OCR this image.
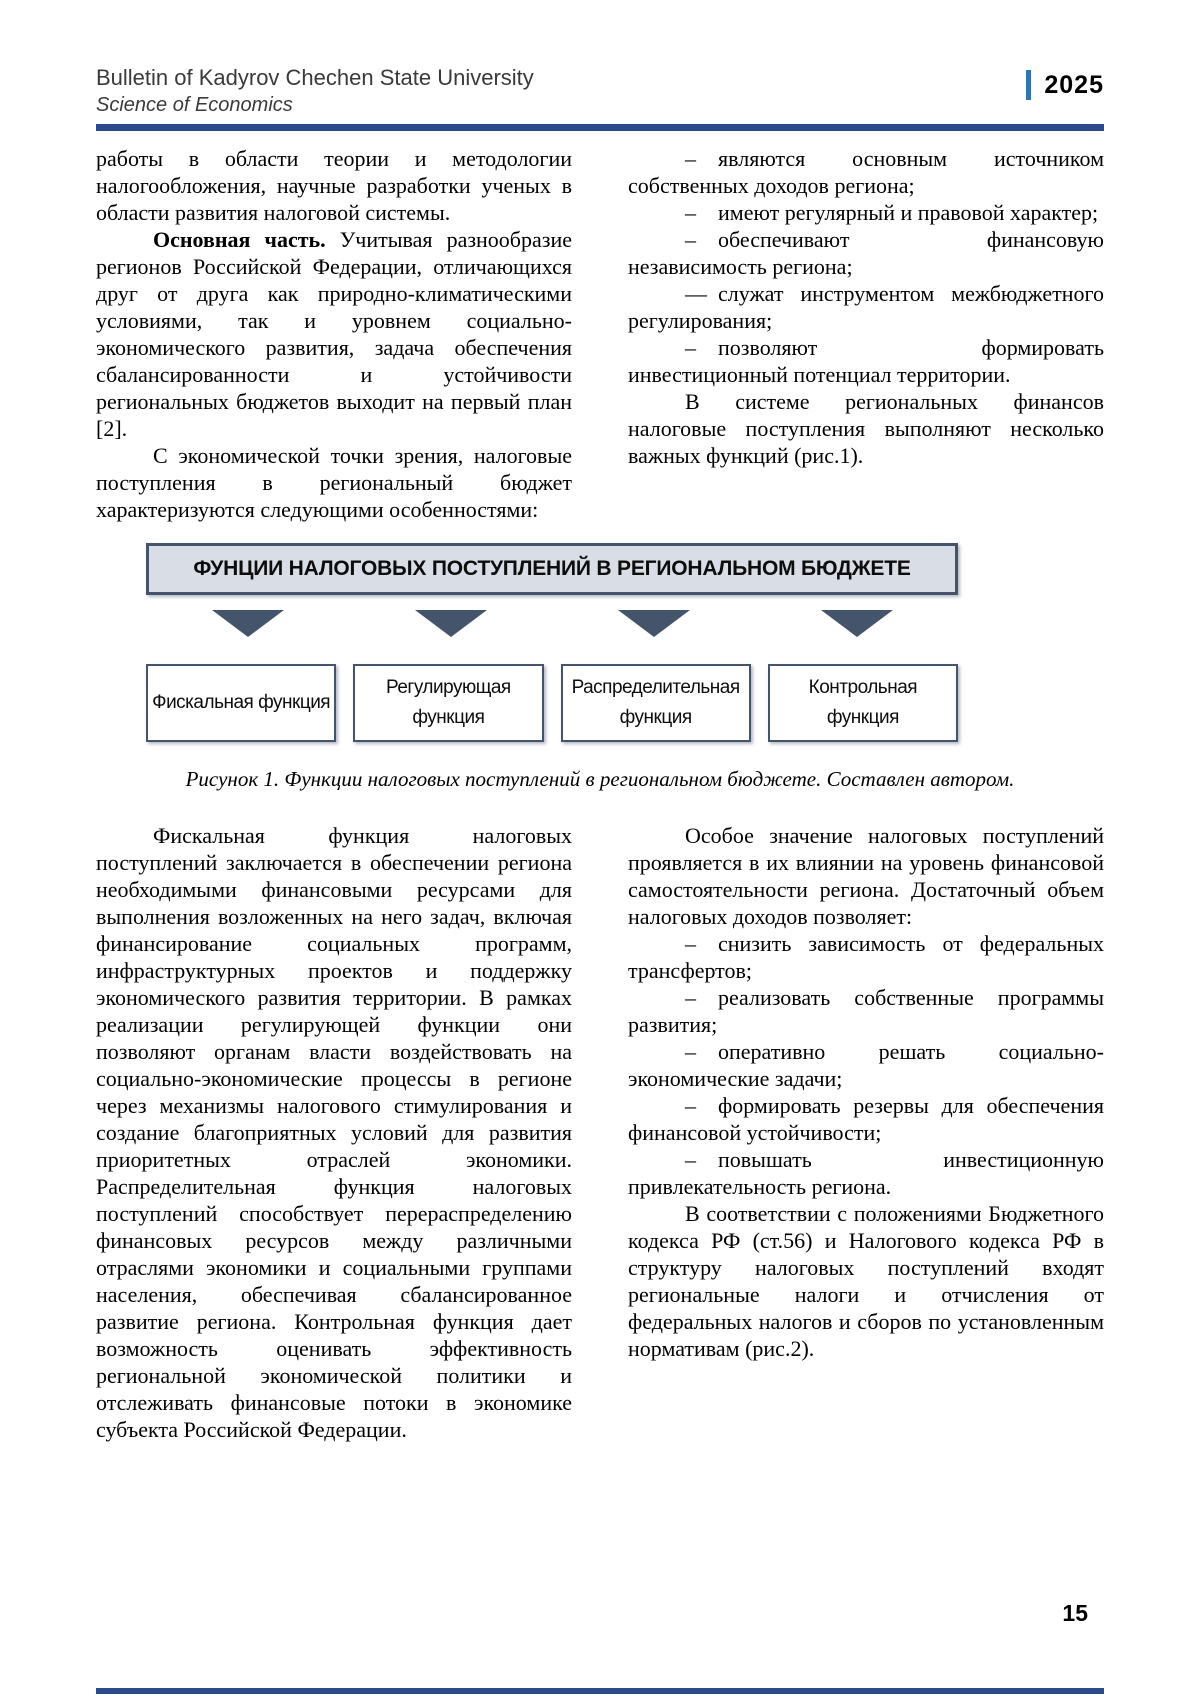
Bulletin of Kadyrov Chechen State University
Science of Economics
2025

работы в области теории и методологии налогообложения, научные разработки ученых в области развития налоговой системы.

Основная часть. Учитывая разнообразие регионов Российской Федерации, отличающихся друг от друга как природно-климатическими условиями, так и уровнем социально-экономического развития, задача обеспечения сбалансированности и устойчивости региональных бюджетов выходит на первый план [2].

С экономической точки зрения, налоговые поступления в региональный бюджет характеризуются следующими особенностями:

– являются основным источником собственных доходов региона;

– имеют регулярный и правовой характер;

– обеспечивают финансовую независимость региона;

— служат инструментом межбюджетного регулирования;

– позволяют формировать инвестиционный потенциал территории.

В системе региональных финансов налоговые поступления выполняют несколько важных функций (рис.1).

ФУНЦИИ НАЛОГОВЫХ ПОСТУПЛЕНИЙ В РЕГИОНАЛЬНОМ БЮДЖЕТЕ
Фискальная функция
Регулирующая функция
Распределительная функция
Контрольная функция
Рисунок 1. Функции налоговых поступлений в региональном бюджете. Составлен автором.

Фискальная функция налоговых поступлений заключается в обеспечении региона необходимыми финансовыми ресурсами для выполнения возложенных на него задач, включая финансирование социальных программ, инфраструктурных проектов и поддержку экономического развития территории. В рамках реализации регулирующей функции они позволяют органам власти воздействовать на социально-экономические процессы в регионе через механизмы налогового стимулирования и создание благоприятных условий для развития приоритетных отраслей экономики. Распределительная функция налоговых поступлений способствует перераспределению финансовых ресурсов между различными отраслями экономики и социальными группами населения, обеспечивая сбалансированное развитие региона. Контрольная функция дает возможность оценивать эффективность региональной экономической политики и отслеживать финансовые потоки в экономике субъекта Российской Федерации.

Особое значение налоговых поступлений проявляется в их влиянии на уровень финансовой самостоятельности региона. Достаточный объем налоговых доходов позволяет:

– снизить зависимость от федеральных трансфертов;

– реализовать собственные программы развития;

– оперативно решать социально-экономические задачи;

– формировать резервы для обеспечения финансовой устойчивости;

– повышать инвестиционную привлекательность региона.

В соответствии с положениями Бюджетного кодекса РФ (ст.56) и Налогового кодекса РФ в структуру налоговых поступлений входят региональные налоги и отчисления от федеральных налогов и сборов по установленным нормативам (рис.2).

15
